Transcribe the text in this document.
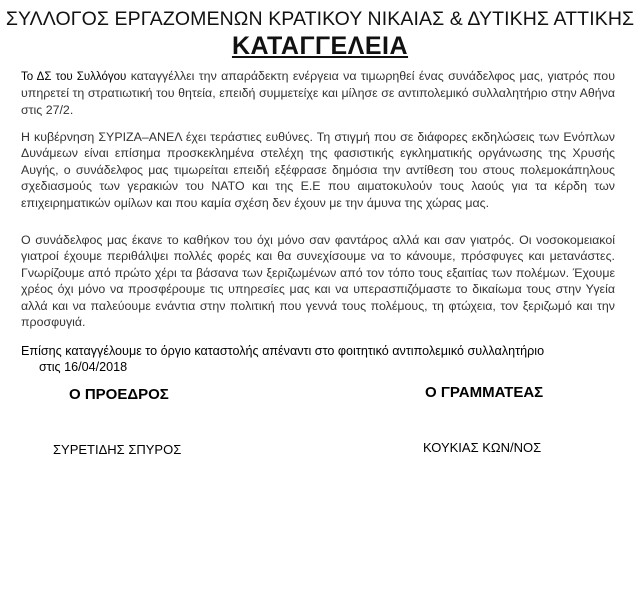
ΣΥΛΛΟΓΟΣ ΕΡΓΑΖΟΜΕΝΩΝ ΚΡΑΤΙΚΟΥ ΝΙΚΑΙΑΣ & ΔΥΤΙΚΗΣ ΑΤΤΙΚΗΣ
ΚΑΤΑΓΓΕΛΕΙΑ
Το ΔΣ του Συλλόγου καταγγέλλει την απαράδεκτη ενέργεια να τιμωρηθεί ένας συνάδελφος μας, γιατρός που υπηρετεί τη στρατιωτική του θητεία, επειδή συμμετείχε και μίλησε σε αντιπολεμικό συλλαλητήριο στην Αθήνα στις 27/2.
Η κυβέρνηση ΣΥΡΙΖΑ–ΑΝΕΛ έχει τεράστιες ευθύνες. Τη στιγμή που σε διάφορες εκδηλώσεις των Ενόπλων Δυνάμεων είναι επίσημα προσκεκλημένα στελέχη της φασιστικής εγκληματικής οργάνωσης της Χρυσής Αυγής, ο συνάδελφος μας τιμωρείται επειδή εξέφρασε δημόσια την αντίθεση του στους πολεμοκάπηλους σχεδιασμούς των γερακιών του ΝΑΤΟ και της Ε.Ε που αιματοκυλούν τους λαούς για τα κέρδη των επιχειρηματικών ομίλων και που καμία σχέση δεν έχουν με την άμυνα της χώρας μας.
Ο συνάδελφος μας έκανε το καθήκον του όχι μόνο σαν φαντάρος αλλά και σαν γιατρός. Οι νοσοκομειακοί γιατροί έχουμε περιθάλψει πολλές φορές και θα συνεχίσουμε να το κάνουμε, πρόσφυγες και μετανάστες. Γνωρίζουμε από πρώτο χέρι τα βάσανα των ξεριζωμένων από τον τόπο τους εξαιτίας των πολέμων. Έχουμε χρέος όχι μόνο να προσφέρουμε τις υπηρεσίες μας και να υπερασπιζόμαστε το δικαίωμα τους στην Υγεία αλλά και να παλεύουμε ενάντια στην πολιτική που γεννά τους πολέμους, τη φτώχεια, τον ξεριζωμό και την προσφυγιά.
Επίσης καταγγέλουμε το όργιο καταστολής απέναντι στο φοιτητικό αντιπολεμικό συλλαλητήριο
στις 16/04/2018
Ο ΠΡΟΕΔΡΟΣ	Ο ΓΡΑΜΜΑΤΕΑΣ
ΣΥΡΕΤΙΔΗΣ ΣΠΥΡΟΣ	ΚΟΥΚΙΑΣ ΚΩΝ/ΝΟΣ
